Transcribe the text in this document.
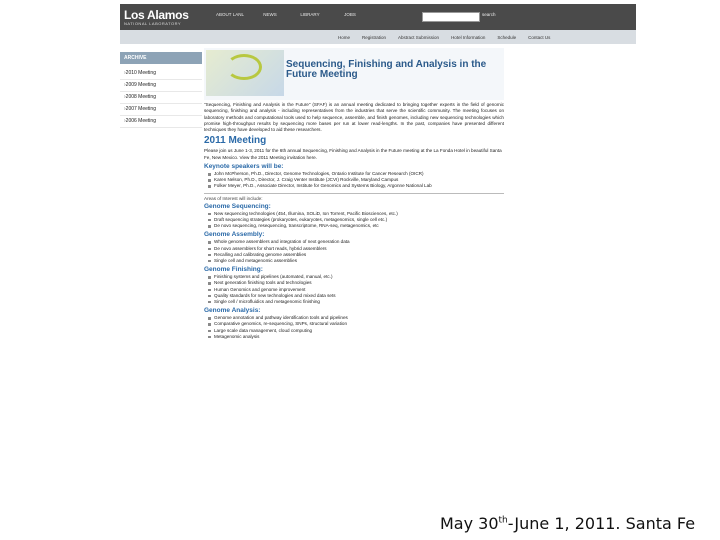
Los Alamos
NATIONAL LABORATORY
ABOUT LANL	NEWS	LIBRARY	JOBS	search
Home	Registration	Abstract Submission	Hotel Information	Schedule	Contact Us
ARCHIVE
› 2010 Meeting
› 2009 Meeting
› 2008 Meeting
› 2007 Meeting
› 2006 Meeting
Sequencing, Finishing and Analysis in the Future Meeting

"Sequencing, Finishing and Analysis in the Future" (SFAF) is an annual meeting dedicated to bringing together experts in the field of genomic sequencing, finishing and analysis - including representatives from the industries that serve the scientific community. The meeting focuses on laboratory methods and computational tools used to help sequence, assemble, and finish genomes, including new sequencing technologies which promise high-throughput results by sequencing more bases per run at lower read-lengths. In the past, companies have presented different techniques they have developed to aid these researchers.

2011 Meeting

Please join us June 1-3, 2011 for the 6th annual Sequencing, Finishing and Analysis in the Future meeting at the La Fonda Hotel in beautiful Santa Fe, New Mexico. View the 2011 Meeting invitation here.

Keynote speakers will be:
John McPherson, Ph.D., Director, Genome Technologies, Ontario Institute for Cancer Research (OICR)
Karen Nelson, Ph.D., Director, J. Craig Venter Institute (JCVI) Rockville, Maryland Campus
Folker Meyer, Ph.D., Associate Director, Institute for Genomics and Systems Biology, Argonne National Lab
Areas of Interest will include:
Genome Sequencing:
New sequencing technologies (454, Illumina, SOLiD, Ion Torrent, Pacific Biosciences, etc.)
Draft sequencing strategies (prokaryotes, eukaryotes, metagenomics, single cell etc.)
De novo sequencing, resequencing, transcriptome, RNA-seq, metagenomics, etc
Genome Assembly:
Whole genome assemblers and integration of next generation data
De novo assemblers for short reads, hybrid assemblers
Recalling and calibrating genome assemblies
Single cell and metagenomic assemblies
Genome Finishing:
Finishing systems and pipelines (automated, manual, etc.)
Next generation finishing tools and technologies
Human Genomics and genome improvement
Quality standards for new technologies and mixed data sets
Single cell / microfluidics and metagenomic finishing
Genome Analysis:
Genome annotation and pathway identification tools and pipelines
Comparative genomics, re-sequencing, SNPs, structural variation
Large scale data management, cloud computing
Metagenomic analysis
May 30th-June 1, 2011. Santa Fe
